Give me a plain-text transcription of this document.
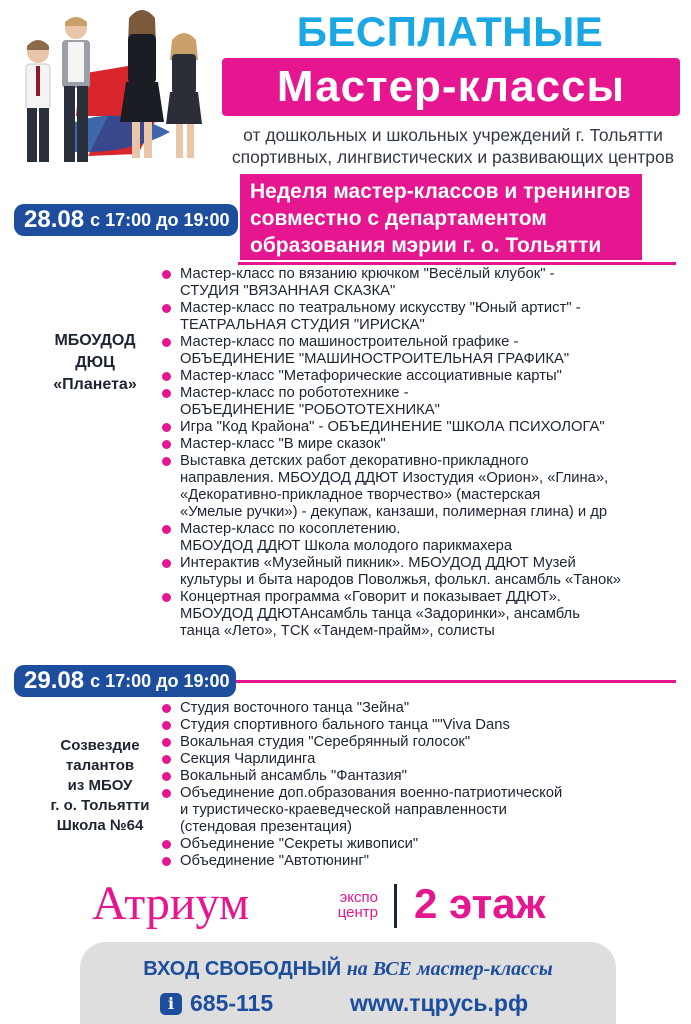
БЕСПЛАТНЫЕ
Мастер-классы
от дошкольных и школьных учреждений г. Тольятти
спортивных, лингвистических и развивающих центров
Неделя мастер-классов и тренингов
совместно с департаментом
образования мэрии г. о. Тольятти
28.08 с 17:00 до 19:00
МБОУДОД
ДЮЦ
«Планета»
Мастер-класс по вязанию крючком "Весёлый клубок" -
СТУДИЯ "ВЯЗАННАЯ СКАЗКА"
Мастер-класс по театральному искусству "Юный артист" -
ТЕАТРАЛЬНАЯ СТУДИЯ "ИРИСКА"
Мастер-класс по машиностроительной графике -
ОБЪЕДИНЕНИЕ "МАШИНОСТРОИТЕЛЬНАЯ ГРАФИКА"
Мастер-класс "Метафорические ассоциативные карты"
Мастер-класс по робототехнике -
ОБЪЕДИНЕНИЕ "РОБОТОТЕХНИКА"
Игра "Код Крайона" - ОБЪЕДИНЕНИЕ "ШКОЛА ПСИХОЛОГА"
Мастер-класс "В мире сказок"
Выставка детских работ декоративно-прикладного
направления. МБОУДОД ДДЮТ Изостудия «Орион», «Глина»,
«Декоративно-прикладное творчество» (мастерская
«Умелые ручки») - декупаж, канзаши, полимерная глина) и др
Мастер-класс по косоплетению.
МБОУДОД ДДЮТ Школа молодого парикмахера
Интерактив «Музейный пикник». МБОУДОД ДДЮТ Музей
культуры и быта народов Поволжья, фолькл. ансамбль «Танок»
Концертная программа «Говорит и показывает ДДЮТ».
МБОУДОД ДДЮТАнсамбль танца «Задоринки», ансамбль
танца «Лето», ТСК «Тандем-прайм», солисты
29.08 с 17:00 до 19:00
Созвездие
талантов
из МБОУ
г. о. Тольятти
Школа №64
Студия восточного танца "Зейна"
Студия спортивного бального танца ""Viva Dans
Вокальная студия "Серебрянный голосок"
Секция Чарлидинга
Вокальный ансамбль "Фантазия"
Объединение доп.образования военно-патриотической
и туристическо-краеведческой направленности
(стендовая презентация)
Объединение "Секреты живописи"
Объединение "Автотюнинг"
Атриум	экспо
центр 2 этаж
ВХОД СВОБОДНЫЙ на ВСЕ мастер-классы
i 685-115	www.тцрусь.рф
